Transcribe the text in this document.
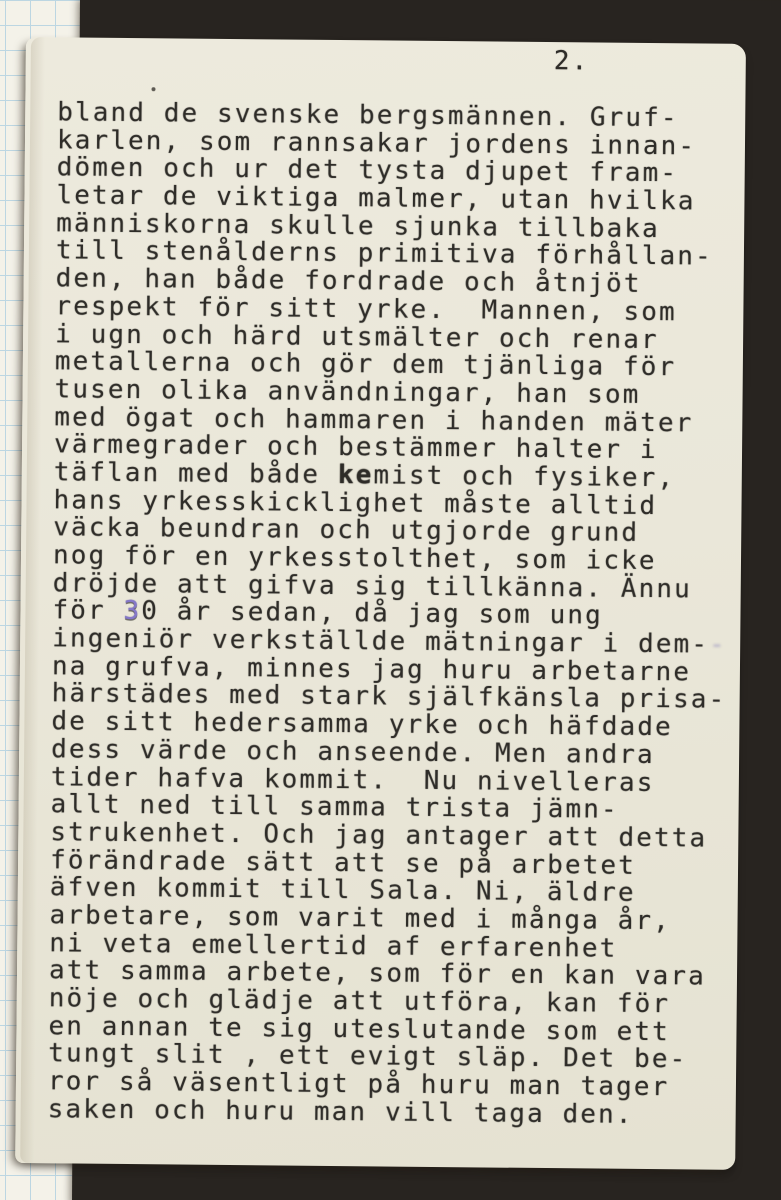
2.
bland de svenske bergsmännen. Gruf-
karlen, som rannsakar jordens innan-
dömen och ur det tysta djupet fram-
letar de viktiga malmer, utan hvilka
människorna skulle sjunka tillbaka
till stenålderns primitiva förhållan-
den, han både fordrade och åtnjöt
respekt för sitt yrke.  Mannen, som
i ugn och härd utsmälter och renar
metallerna och gör dem tjänliga för
tusen olika användningar, han som
med ögat och hammaren i handen mäter
värmegrader och bestämmer halter i
täflan med både kemist och fysiker,
hans yrkesskicklighet måste alltid
väcka beundran och utgjorde grund
nog för en yrkesstolthet, som icke
dröjde att gifva sig tillkänna. Ännu
för 30 år sedan, då jag som ung
ingeniör verkställde mätningar i dem--
na grufva, minnes jag huru arbetarne
härstädes med stark själfkänsla prisa-
de sitt hedersamma yrke och häfdade
dess värde och anseende. Men andra
tider hafva kommit.  Nu nivelleras
allt ned till samma trista jämn-
strukenhet. Och jag antager att detta
förändrade sätt att se på arbetet
äfven kommit till Sala. Ni, äldre
arbetare, som varit med i många år,
ni veta emellertid af erfarenhet
att samma arbete, som för en kan vara
nöje och glädje att utföra, kan för
en annan te sig uteslutande som ett
tungt slit , ett evigt släp. Det be-
ror så väsentligt på huru man tager
saken och huru man vill taga den.
